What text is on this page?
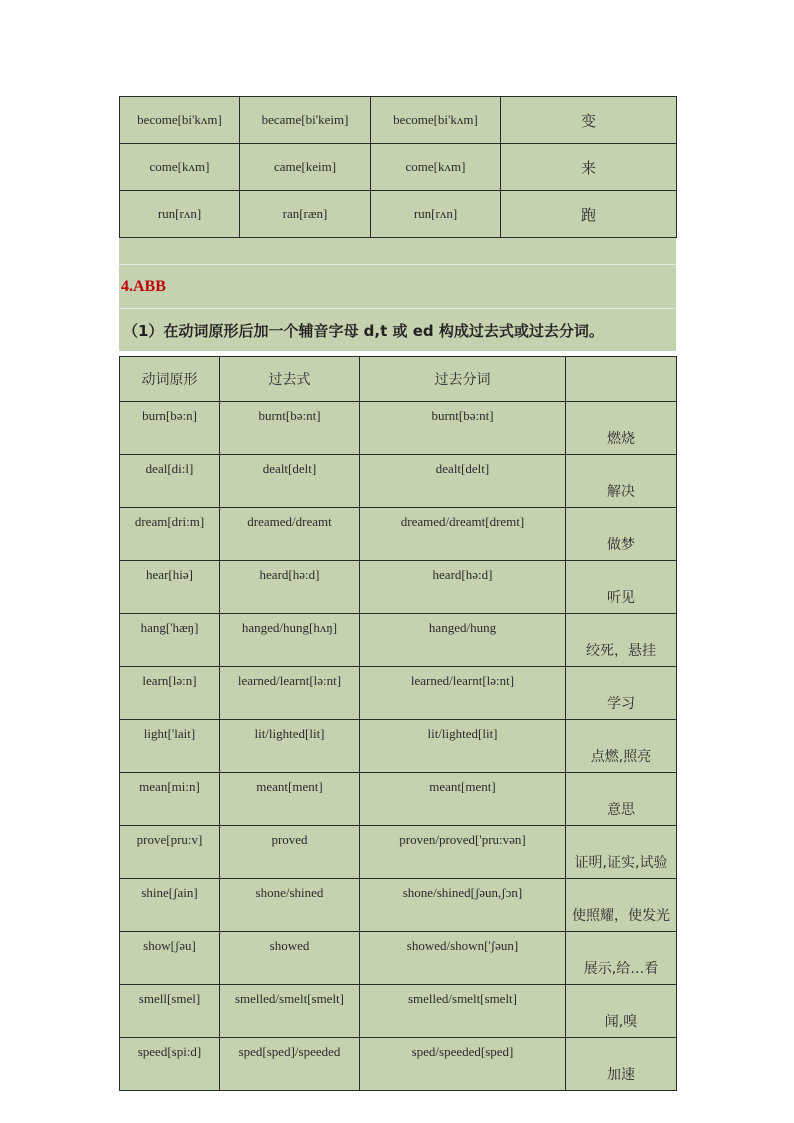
become[bi'kʌm]	became[bi'keim]	become[bi'kʌm]	变
come[kʌm]	came[keim]	come[kʌm]	来
run[rʌn]	ran[ræn]	run[rʌn]	跑
4.ABB
（1）在动词原形后加一个辅音字母 d,t 或 ed 构成过去式或过去分词。
动词原形	过去式	过去分词	
burn[bə:n]	burnt[bə:nt]	burnt[bə:nt]	燃烧
deal[di:l]	dealt[delt]	dealt[delt]	解决
dream[dri:m]	dreamed/dreamt	dreamed/dreamt[dremt]	做梦
hear[hiə]	heard[hə:d]	heard[hə:d]	听见
hang['hæŋ]	hanged/hung[hʌŋ]	hanged/hung	绞死，悬挂
learn[lə:n]	learned/learnt[lə:nt]	learned/learnt[lə:nt]	学习
light['lait]	lit/lighted[lit]	lit/lighted[lit]	点燃,照亮
mean[mi:n]	meant[ment]	meant[ment]	意思
prove[pru:v]	proved	proven/proved['pru:vən]	证明,证实,试验
shine[ʃain]	shone/shined	shone/shined[ʃəun,ʃɔn]	使照耀，使发光
show[ʃəu]	showed	showed/shown['ʃəun]	展示,给…看
smell[smel]	smelled/smelt[smelt]	smelled/smelt[smelt]	闻,嗅
speed[spi:d]	sped[sped]/speeded	sped/speeded[sped]	加速
